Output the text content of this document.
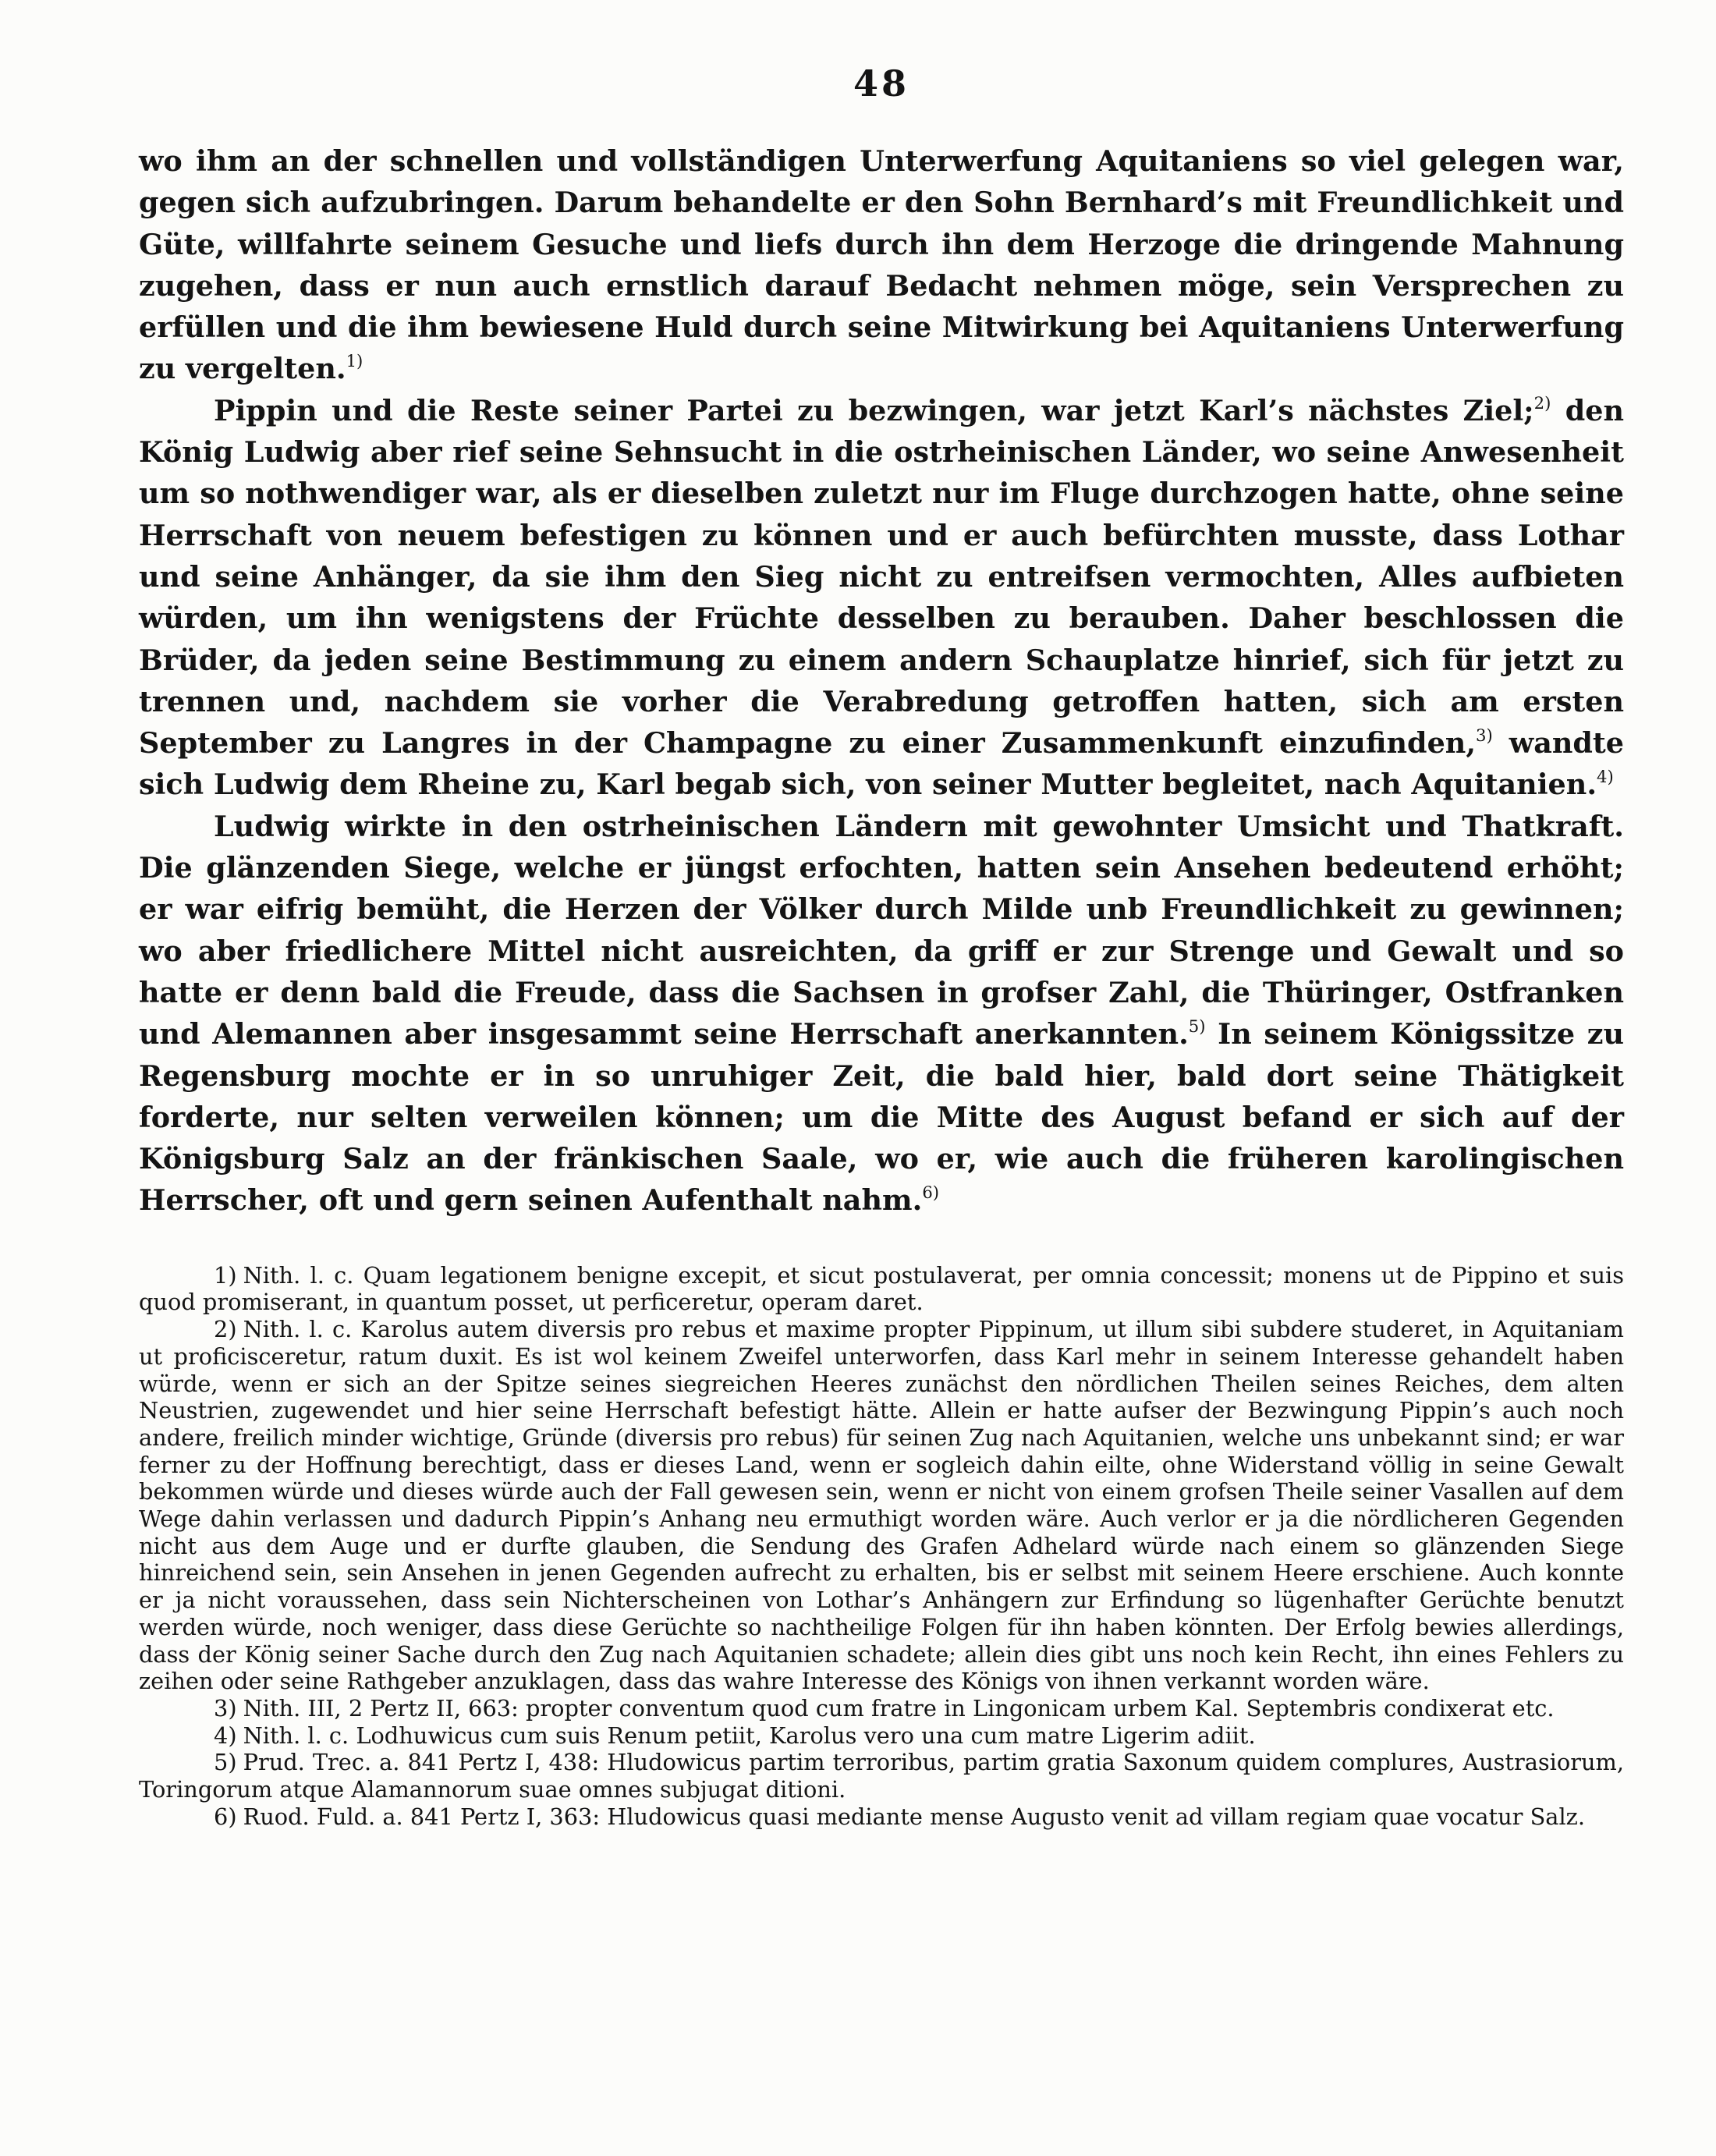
48

wo ihm an der schnellen und vollständigen Unterwerfung Aquitaniens so viel gelegen war, gegen sich aufzubringen. Darum behandelte er den Sohn Bernhard’s mit Freundlichkeit und Güte, willfahrte seinem Gesuche und liefs durch ihn dem Herzoge die dringende Mahnung zugehen, dass er nun auch ernstlich darauf Bedacht nehmen möge, sein Versprechen zu erfüllen und die ihm bewiesene Huld durch seine Mitwirkung bei Aquitaniens Unterwerfung zu vergelten.$^{1)}$

Pippin und die Reste seiner Partei zu bezwingen, war jetzt Karl’s nächstes Ziel;$^{2)}$ den König Ludwig aber rief seine Sehnsucht in die ostrheinischen Länder, wo seine Anwesenheit um so nothwendiger war, als er dieselben zuletzt nur im Fluge durchzogen hatte, ohne seine Herrschaft von neuem befestigen zu können und er auch befürchten musste, dass Lothar und seine Anhänger, da sie ihm den Sieg nicht zu entreifsen vermochten, Alles aufbieten würden, um ihn wenigstens der Früchte desselben zu berauben. Daher beschlossen die Brüder, da jeden seine Bestimmung zu einem andern Schauplatze hinrief, sich für jetzt zu trennen und, nachdem sie vorher die Verabredung getroffen hatten, sich am ersten September zu Langres in der Champagne zu einer Zusammenkunft einzufinden,$^{3)}$ wandte sich Ludwig dem Rheine zu, Karl begab sich, von seiner Mutter begleitet, nach Aquitanien.$^{4)}$

Ludwig wirkte in den ostrheinischen Ländern mit gewohnter Umsicht und Thatkraft. Die glänzenden Siege, welche er jüngst erfochten, hatten sein Ansehen bedeutend erhöht; er war eifrig bemüht, die Herzen der Völker durch Milde unb Freundlichkeit zu gewinnen; wo aber friedlichere Mittel nicht ausreichten, da griff er zur Strenge und Gewalt und so hatte er denn bald die Freude, dass die Sachsen in grofser Zahl, die Thüringer, Ostfranken und Alemannen aber insgesammt seine Herrschaft anerkannten.$^{5)}$ In seinem Königssitze zu Regensburg mochte er in so unruhiger Zeit, die bald hier, bald dort seine Thätigkeit forderte, nur selten verweilen können; um die Mitte des August befand er sich auf der Königsburg Salz an der fränkischen Saale, wo er, wie auch die früheren karolingischen Herrscher, oft und gern seinen Aufenthalt nahm.$^{6)}$

1) Nith. l. c. Quam legationem benigne excepit, et sicut postulaverat, per omnia concessit; monens ut de Pippino et suis quod promiserant, in quantum posset, ut perficeretur, operam daret.

2) Nith. l. c. Karolus autem diversis pro rebus et maxime propter Pippinum, ut illum sibi subdere studeret, in Aquitaniam ut proficisceretur, ratum duxit. Es ist wol keinem Zweifel unterworfen, dass Karl mehr in seinem Interesse gehandelt haben würde, wenn er sich an der Spitze seines siegreichen Heeres zunächst den nördlichen Theilen seines Reiches, dem alten Neustrien, zugewendet und hier seine Herrschaft befestigt hätte. Allein er hatte aufser der Bezwingung Pippin’s auch noch andere, freilich minder wichtige, Gründe (diversis pro rebus) für seinen Zug nach Aquitanien, welche uns unbekannt sind; er war ferner zu der Hoffnung berechtigt, dass er dieses Land, wenn er sogleich dahin eilte, ohne Widerstand völlig in seine Gewalt bekommen würde und dieses würde auch der Fall gewesen sein, wenn er nicht von einem grofsen Theile seiner Vasallen auf dem Wege dahin verlassen und dadurch Pippin’s Anhang neu ermuthigt worden wäre. Auch verlor er ja die nördlicheren Gegenden nicht aus dem Auge und er durfte glauben, die Sendung des Grafen Adhelard würde nach einem so glänzenden Siege hinreichend sein, sein Ansehen in jenen Gegenden aufrecht zu erhalten, bis er selbst mit seinem Heere erschiene. Auch konnte er ja nicht voraussehen, dass sein Nichterscheinen von Lothar’s Anhängern zur Erfindung so lügenhafter Gerüchte benutzt werden würde, noch weniger, dass diese Gerüchte so nachtheilige Folgen für ihn haben könnten. Der Erfolg bewies allerdings, dass der König seiner Sache durch den Zug nach Aquitanien schadete; allein dies gibt uns noch kein Recht, ihn eines Fehlers zu zeihen oder seine Rathgeber anzuklagen, dass das wahre Interesse des Königs von ihnen verkannt worden wäre.

3) Nith. III, 2 Pertz II, 663: propter conventum quod cum fratre in Lingonicam urbem Kal. Septembris condixerat etc.

4) Nith. l. c. Lodhuwicus cum suis Renum petiit, Karolus vero una cum matre Ligerim adiit.

5) Prud. Trec. a. 841 Pertz I, 438: Hludowicus partim terroribus, partim gratia Saxonum quidem complures, Austrasiorum, Toringorum atque Alamannorum suae omnes subjugat ditioni.

6) Ruod. Fuld. a. 841 Pertz I, 363: Hludowicus quasi mediante mense Augusto venit ad villam regiam quae vocatur Salz.
